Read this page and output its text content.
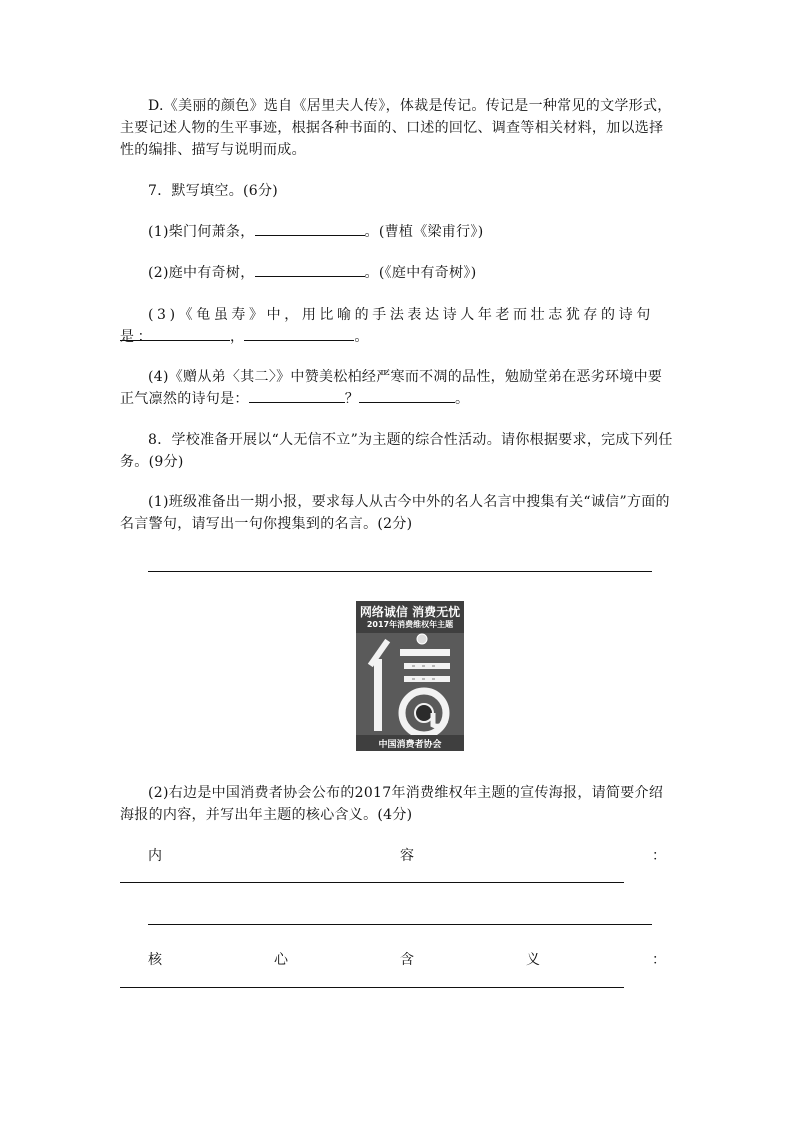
D.《美丽的颜色》选自《居里夫人传》，体裁是传记。传记是一种常见的文学形式，主要记述人物的生平事迹，根据各种书面的、口述的回忆、调查等相关材料，加以选择性的编排、描写与说明而成。
7．默写填空。(6分)
(1)柴门何萧条，	。(曹植《梁甫行》)
(2)庭中有奇树，	。(《庭中有奇树》)
(3)《龟虽寿》中，用比喻的手法表达诗人年老而壮志犹存的诗句是：	，	。
(4)《赠从弟〈其二〉》中赞美松柏经严寒而不凋的品性，勉励堂弟在恶劣环境中要正气凛然的诗句是：	？	。
8．学校准备开展以“人无信不立”为主题的综合性活动。请你根据要求，完成下列任务。(9分)
(1)班级准备出一期小报，要求每人从古今中外的名人名言中搜集有关“诚信”方面的名言警句，请写出一句你搜集到的名言。(2分)
网络诚信 消费无忧
2017年消费维权年主题
中国消费者协会
(2)右边是中国消费者协会公布的2017年消费维权年主题的宣传海报，请简要介绍海报的内容，并写出年主题的核心含义。(4分)
内	容	：
核	心	含	义	：
